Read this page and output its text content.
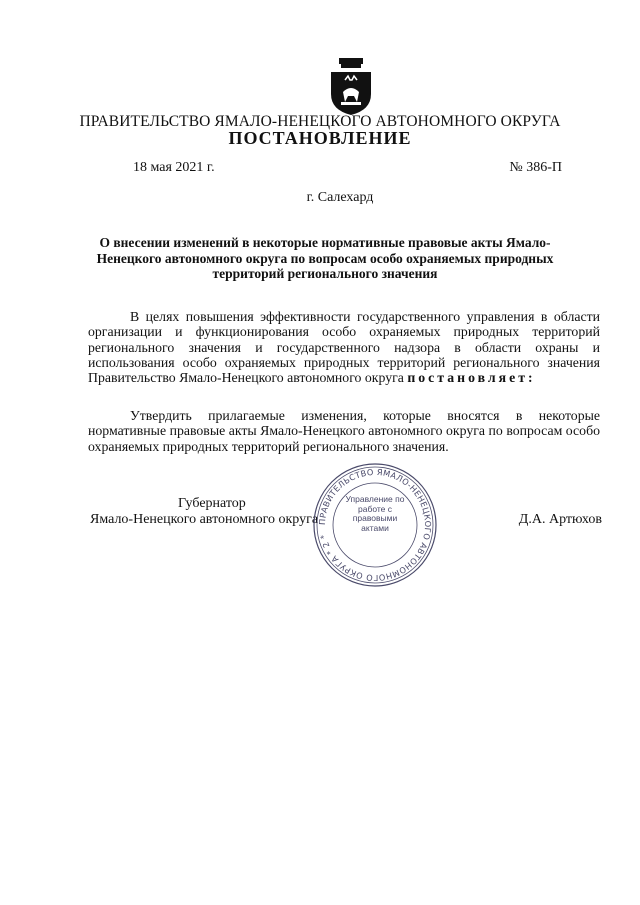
ПРАВИТЕЛЬСТВО ЯМАЛО-НЕНЕЦКОГО АВТОНОМНОГО ОКРУГА
ПОСТАНОВЛЕНИЕ
18 мая 2021 г.	№ 386-П
г. Салехард
О внесении изменений в некоторые нормативные правовые акты Ямало-Ненецкого автономного округа по вопросам особо охраняемых природных территорий регионального значения
В целях повышения эффективности государственного управления в области организации и функционирования особо охраняемых природных территорий регионального значения и государственного надзора в области охраны и использования особо охраняемых природных территорий регионального значения Правительство Ямало-Ненецкого автономного округа постановляет:
Утвердить прилагаемые изменения, которые вносятся в некоторые нормативные правовые акты Ямало-Ненецкого автономного округа по вопросам особо охраняемых природных территорий регионального значения.
Губернатор
Ямало-Ненецкого автономного округа	Д.А. Артюхов
ПРАВИТЕЛЬСТВО ЯМАЛО-НЕНЕЦКОГО АВТОНОМНОГО ОКРУГА * 2 *
Управление по работе с правовыми актами
